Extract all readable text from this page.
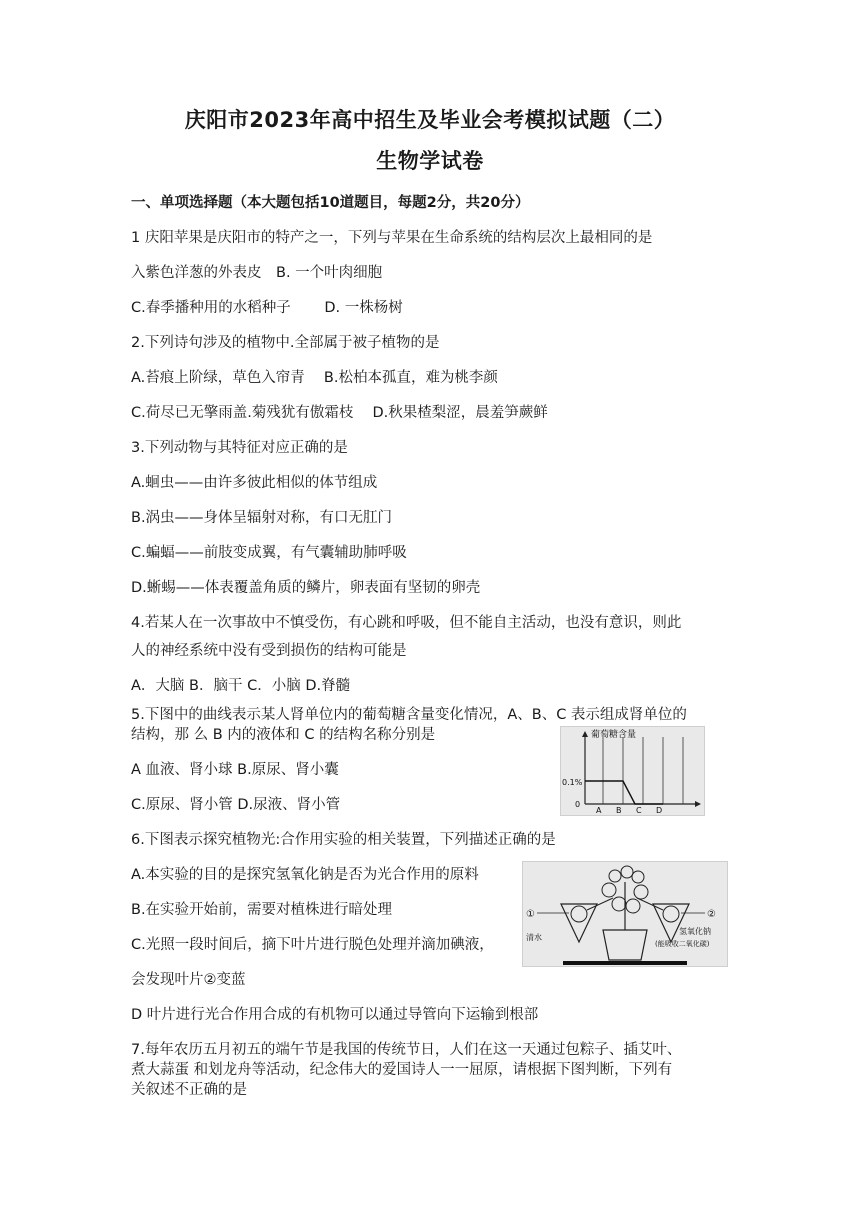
庆阳市2023年高中招生及毕业会考模拟试题（二）
生物学试卷
一、单项选择题（本大题包括10道题目，每题2分，共20分）
1 庆阳苹果是庆阳市的特产之一，下列与苹果在生命系统的结构层次上最相同的是
入紫色洋葱的外表皮　B. 一个叶肉细胞
C.春季播种用的水稻种子　　 D. 一株杨树
2.下列诗句涉及的植物中.全部属于被子植物的是
A.苔痕上阶绿，草色入帘青　 B.松柏本孤直，难为桃李颜
C.荷尽已无擎雨盖.菊残犹有傲霜枝　 D.秋果楂梨涩，晨羞笋蕨鲜
3.下列动物与其特征对应正确的是
A.蛔虫——由许多彼此相似的体节组成
B.涡虫——身体呈辐射对称，有口无肛门
C.蝙蝠——前肢变成翼，有气囊辅助肺呼吸
D.蜥蜴——体表覆盖角质的鳞片，卵表面有坚韧的卵壳
4.若某人在一次事故中不慎受伤，有心跳和呼吸，但不能自主活动，也没有意识，则此
人的神经系统中没有受到损伤的结构可能是
A．大脑 B．脑干 C．小脑 D.脊髓
5.下图中的曲线表示某人肾单位内的葡萄糖含量变化情况，A、B、C 表示组成肾单位的
结构，那 么 B 内的液体和 C 的结构名称分别是
A 血液、肾小球 B.原尿、肾小囊
C.原尿、肾小管 D.尿液、肾小管
6.下图表示探究植物光:合作用实验的相关装置，下列描述正确的是
A.本实验的目的是探究氢氧化钠是否为光合作用的原料
B.在实验开始前，需要对植株进行暗处理
C.光照一段时间后，摘下叶片进行脱色处理并滴加碘液，
会发现叶片②变蓝
D 叶片进行光合作用合成的有机物可以通过导管向下运输到根部
7.每年农历五月初五的端午节是我国的传统节日，人们在这一天通过包粽子、插艾叶、
煮大蒜蛋 和划龙舟等活动，纪念伟大的爱国诗人一一屈原，请根据下图判断，下列有
关叙述不正确的是
葡萄糖含量
0.1%
0
A B C D
①	②
清水
氢氧化钠
(能吸收二氧化碳)
